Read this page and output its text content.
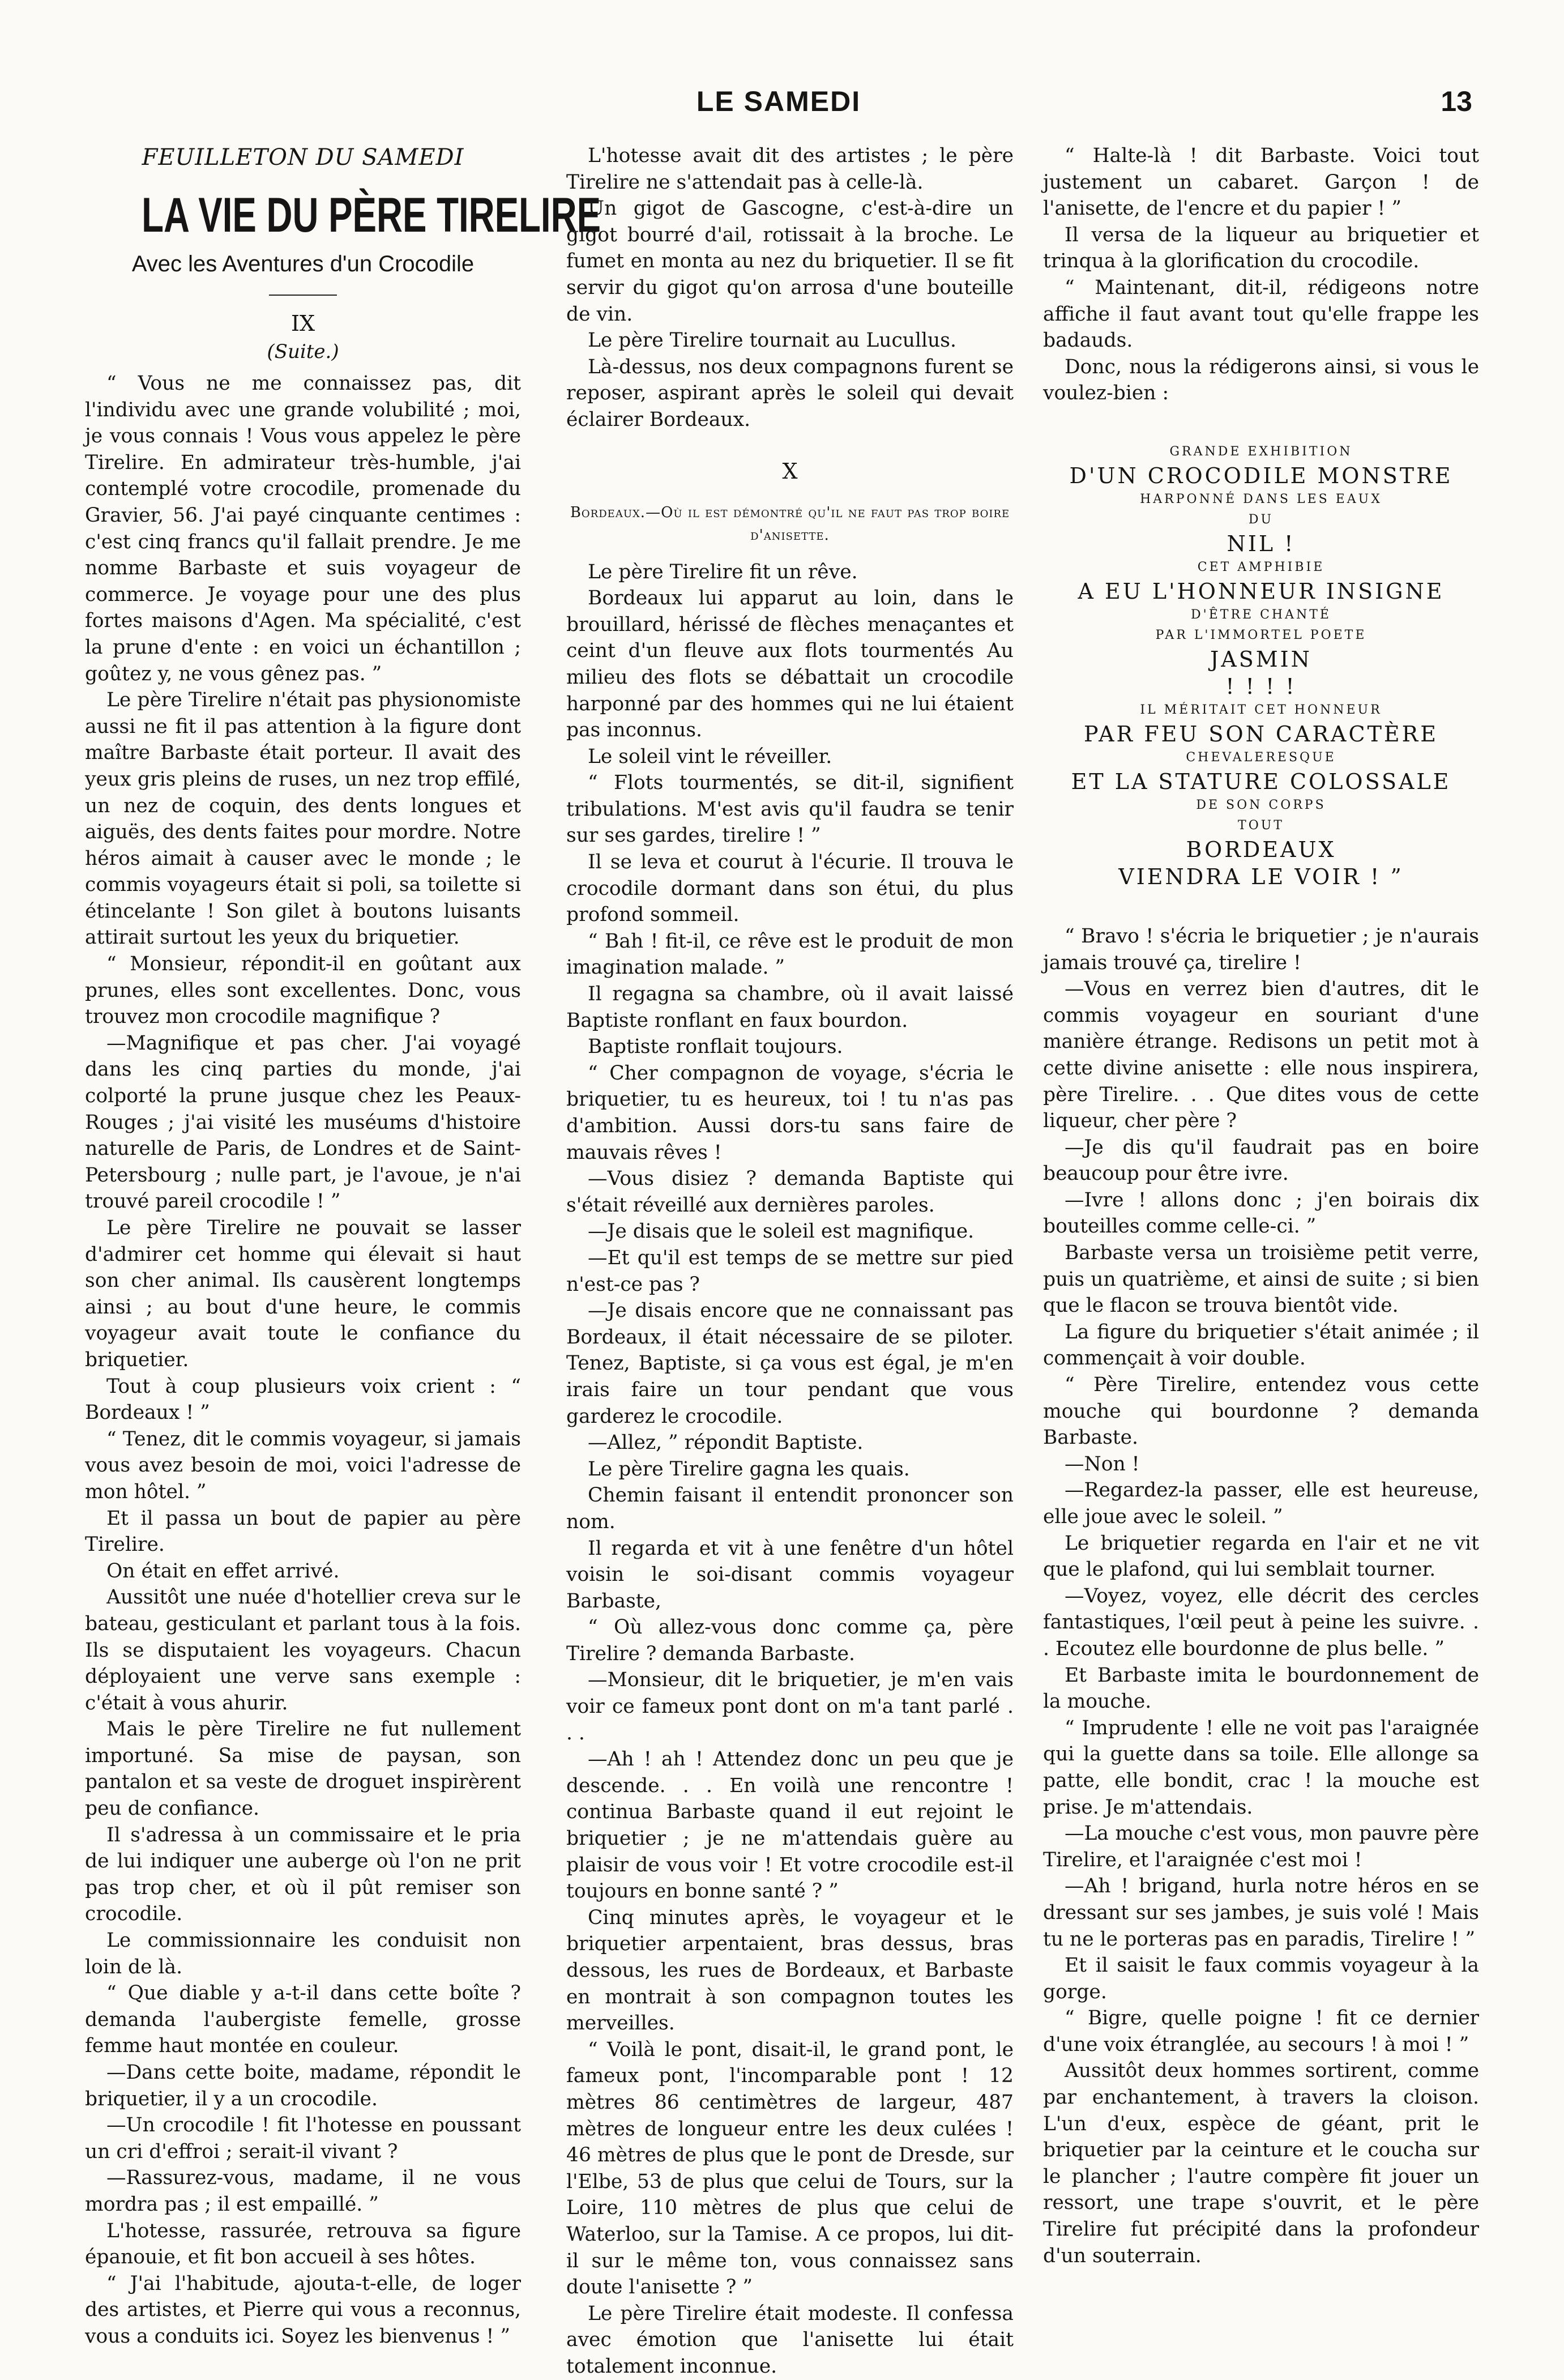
LE SAMEDI	13
FEUILLETON DU SAMEDI
LA VIE DU PÈRE TIRELIRE
Avec les Aventures d'un Crocodile
IX
(Suite.)

“ Vous ne me connaissez pas, dit l'individu avec une grande volubilité ; moi, je vous connais ! Vous vous appelez le père Tirelire. En admirateur très-humble, j'ai contemplé votre crocodile, promenade du Gravier, 56. J'ai payé cinquante centimes : c'est cinq francs qu'il fallait prendre. Je me nomme Barbaste et suis voyageur de commerce. Je voyage pour une des plus fortes maisons d'Agen. Ma spécialité, c'est la prune d'ente : en voici un échantillon ; goûtez y, ne vous gênez pas. ”

Le père Tirelire n'était pas physionomiste aussi ne fit il pas attention à la figure dont maître Barbaste était porteur. Il avait des yeux gris pleins de ruses, un nez trop effilé, un nez de coquin, des dents longues et aiguës, des dents faites pour mordre. Notre héros aimait à causer avec le monde ; le commis voyageurs était si poli, sa toilette si étincelante ! Son gilet à boutons luisants attirait surtout les yeux du briquetier.

“ Monsieur, répondit-il en goûtant aux prunes, elles sont excellentes. Donc, vous trouvez mon crocodile magnifique ?

—Magnifique et pas cher. J'ai voyagé dans les cinq parties du monde, j'ai colporté la prune jusque chez les Peaux-Rouges ; j'ai visité les muséums d'histoire naturelle de Paris, de Londres et de Saint-Petersbourg ; nulle part, je l'avoue, je n'ai trouvé pareil crocodile ! ”

Le père Tirelire ne pouvait se lasser d'admirer cet homme qui élevait si haut son cher animal. Ils causèrent longtemps ainsi ; au bout d'une heure, le commis voyageur avait toute le confiance du briquetier.

Tout à coup plusieurs voix crient : “ Bordeaux ! ”

“ Tenez, dit le commis voyageur, si jamais vous avez besoin de moi, voici l'adresse de mon hôtel. ”

Et il passa un bout de papier au père Tirelire.

On était en effet arrivé.

Aussitôt une nuée d'hotellier creva sur le bateau, gesticulant et parlant tous à la fois. Ils se disputaient les voyageurs. Chacun déployaient une verve sans exemple : c'était à vous ahurir.

Mais le père Tirelire ne fut nullement importuné. Sa mise de paysan, son pantalon et sa veste de droguet inspirèrent peu de confiance.

Il s'adressa à un commissaire et le pria de lui indiquer une auberge où l'on ne prit pas trop cher, et où il pût remiser son crocodile.

Le commissionnaire les conduisit non loin de là.

“ Que diable y a-t-il dans cette boîte ? demanda l'aubergiste femelle, grosse femme haut montée en couleur.

—Dans cette boite, madame, répondit le briquetier, il y a un crocodile.

—Un crocodile ! fit l'hotesse en poussant un cri d'effroi ; serait-il vivant ?

—Rassurez-vous, madame, il ne vous mordra pas ; il est empaillé. ”

L'hotesse, rassurée, retrouva sa figure épanouie, et fit bon accueil à ses hôtes.

“ J'ai l'habitude, ajouta-t-elle, de loger des artistes, et Pierre qui vous a reconnus, vous a conduits ici. Soyez les bienvenus ! ”

L'hotesse avait dit des artistes ; le père Tirelire ne s'attendait pas à celle-là.

Un gigot de Gascogne, c'est-à-dire un gigot bourré d'ail, rotissait à la broche. Le fumet en monta au nez du briquetier. Il se fit servir du gigot qu'on arrosa d'une bouteille de vin.

Le père Tirelire tournait au Lucullus.

Là-dessus, nos deux compagnons furent se reposer, aspirant après le soleil qui devait éclairer Bordeaux.

X
Bordeaux.—Où il est démontré qu'il ne faut pas trop boire d'anisette.

Le père Tirelire fit un rêve.

Bordeaux lui apparut au loin, dans le brouillard, hérissé de flèches menaçantes et ceint d'un fleuve aux flots tourmentés Au milieu des flots se débattait un crocodile harponné par des hommes qui ne lui étaient pas inconnus.

Le soleil vint le réveiller.

“ Flots tourmentés, se dit-il, signifient tribulations. M'est avis qu'il faudra se tenir sur ses gardes, tirelire ! ”

Il se leva et courut à l'écurie. Il trouva le crocodile dormant dans son étui, du plus profond sommeil.

“ Bah ! fit-il, ce rêve est le produit de mon imagination malade. ”

Il regagna sa chambre, où il avait laissé Baptiste ronflant en faux bourdon.

Baptiste ronflait toujours.

“ Cher compagnon de voyage, s'écria le briquetier, tu es heureux, toi ! tu n'as pas d'ambition. Aussi dors-tu sans faire de mauvais rêves !

—Vous disiez ? demanda Baptiste qui s'était réveillé aux dernières paroles.

—Je disais que le soleil est magnifique.

—Et qu'il est temps de se mettre sur pied n'est-ce pas ?

—Je disais encore que ne connaissant pas Bordeaux, il était nécessaire de se piloter. Tenez, Baptiste, si ça vous est égal, je m'en irais faire un tour pendant que vous garderez le crocodile.

—Allez, ” répondit Baptiste.

Le père Tirelire gagna les quais.

Chemin faisant il entendit prononcer son nom.

Il regarda et vit à une fenêtre d'un hôtel voisin le soi-disant commis voyageur Barbaste,

“ Où allez-vous donc comme ça, père Tirelire ? demanda Barbaste.

—Monsieur, dit le briquetier, je m'en vais voir ce fameux pont dont on m'a tant parlé . . .

—Ah ! ah ! Attendez donc un peu que je descende. . . En voilà une rencontre ! continua Barbaste quand il eut rejoint le briquetier ; je ne m'attendais guère au plaisir de vous voir ! Et votre crocodile est-il toujours en bonne santé ? ”

Cinq minutes après, le voyageur et le briquetier arpentaient, bras dessus, bras dessous, les rues de Bordeaux, et Barbaste en montrait à son compagnon toutes les merveilles.

“ Voilà le pont, disait-il, le grand pont, le fameux pont, l'incomparable pont ! 12 mètres 86 centimètres de largeur, 487 mètres de longueur entre les deux culées ! 46 mètres de plus que le pont de Dresde, sur l'Elbe, 53 de plus que celui de Tours, sur la Loire, 110 mètres de plus que celui de Waterloo, sur la Tamise. A ce propos, lui dit-il sur le même ton, vous connaissez sans doute l'anisette ? ”

Le père Tirelire était modeste. Il confessa avec émotion que l'anisette lui était totalement inconnue.

“ Halte-là ! dit Barbaste. Voici tout justement un cabaret. Garçon ! de l'anisette, de l'encre et du papier ! ”

Il versa de la liqueur au briquetier et trinqua à la glorification du crocodile.

“ Maintenant, dit-il, rédigeons notre affiche il faut avant tout qu'elle frappe les badauds.

Donc, nous la rédigerons ainsi, si vous le voulez-bien :

GRANDE EXHIBITION
D'UN CROCODILE MONSTRE
HARPONNÉ DANS LES EAUX
DU
NIL !
CET AMPHIBIE
A EU L'HONNEUR INSIGNE
D'ÊTRE CHANTÉ
PAR L'IMMORTEL POETE
JASMIN
! ! ! !
IL MÉRITAIT CET HONNEUR
PAR FEU SON CARACTÈRE
CHEVALERESQUE
ET LA STATURE COLOSSALE
DE SON CORPS
TOUT
BORDEAUX
VIENDRA LE VOIR ! ”

“ Bravo ! s'écria le briquetier ; je n'aurais jamais trouvé ça, tirelire !

—Vous en verrez bien d'autres, dit le commis voyageur en souriant d'une manière étrange. Redisons un petit mot à cette divine anisette : elle nous inspirera, père Tirelire. . . Que dites vous de cette liqueur, cher père ?

—Je dis qu'il faudrait pas en boire beaucoup pour être ivre.

—Ivre ! allons donc ; j'en boirais dix bouteilles comme celle-ci. ”

Barbaste versa un troisième petit verre, puis un quatrième, et ainsi de suite ; si bien que le flacon se trouva bientôt vide.

La figure du briquetier s'était animée ; il commençait à voir double.

“ Père Tirelire, entendez vous cette mouche qui bourdonne ? demanda Barbaste.

—Non !

—Regardez-la passer, elle est heureuse, elle joue avec le soleil. ”

Le briquetier regarda en l'air et ne vit que le plafond, qui lui semblait tourner.

—Voyez, voyez, elle décrit des cercles fantastiques, l'œil peut à peine les suivre. . . Ecoutez elle bourdonne de plus belle. ”

Et Barbaste imita le bourdonnement de la mouche.

“ Imprudente ! elle ne voit pas l'araignée qui la guette dans sa toile. Elle allonge sa patte, elle bondit, crac ! la mouche est prise. Je m'attendais.

—La mouche c'est vous, mon pauvre père Tirelire, et l'araignée c'est moi !

—Ah ! brigand, hurla notre héros en se dressant sur ses jambes, je suis volé ! Mais tu ne le porteras pas en paradis, Tirelire ! ”

Et il saisit le faux commis voyageur à la gorge.

“ Bigre, quelle poigne ! fit ce dernier d'une voix étranglée, au secours ! à moi ! ”

Aussitôt deux hommes sortirent, comme par enchantement, à travers la cloison. L'un d'eux, espèce de géant, prit le briquetier par la ceinture et le coucha sur le plancher ; l'autre compère fit jouer un ressort, une trape s'ouvrit, et le père Tirelire fut précipité dans la profondeur d'un souterrain.
